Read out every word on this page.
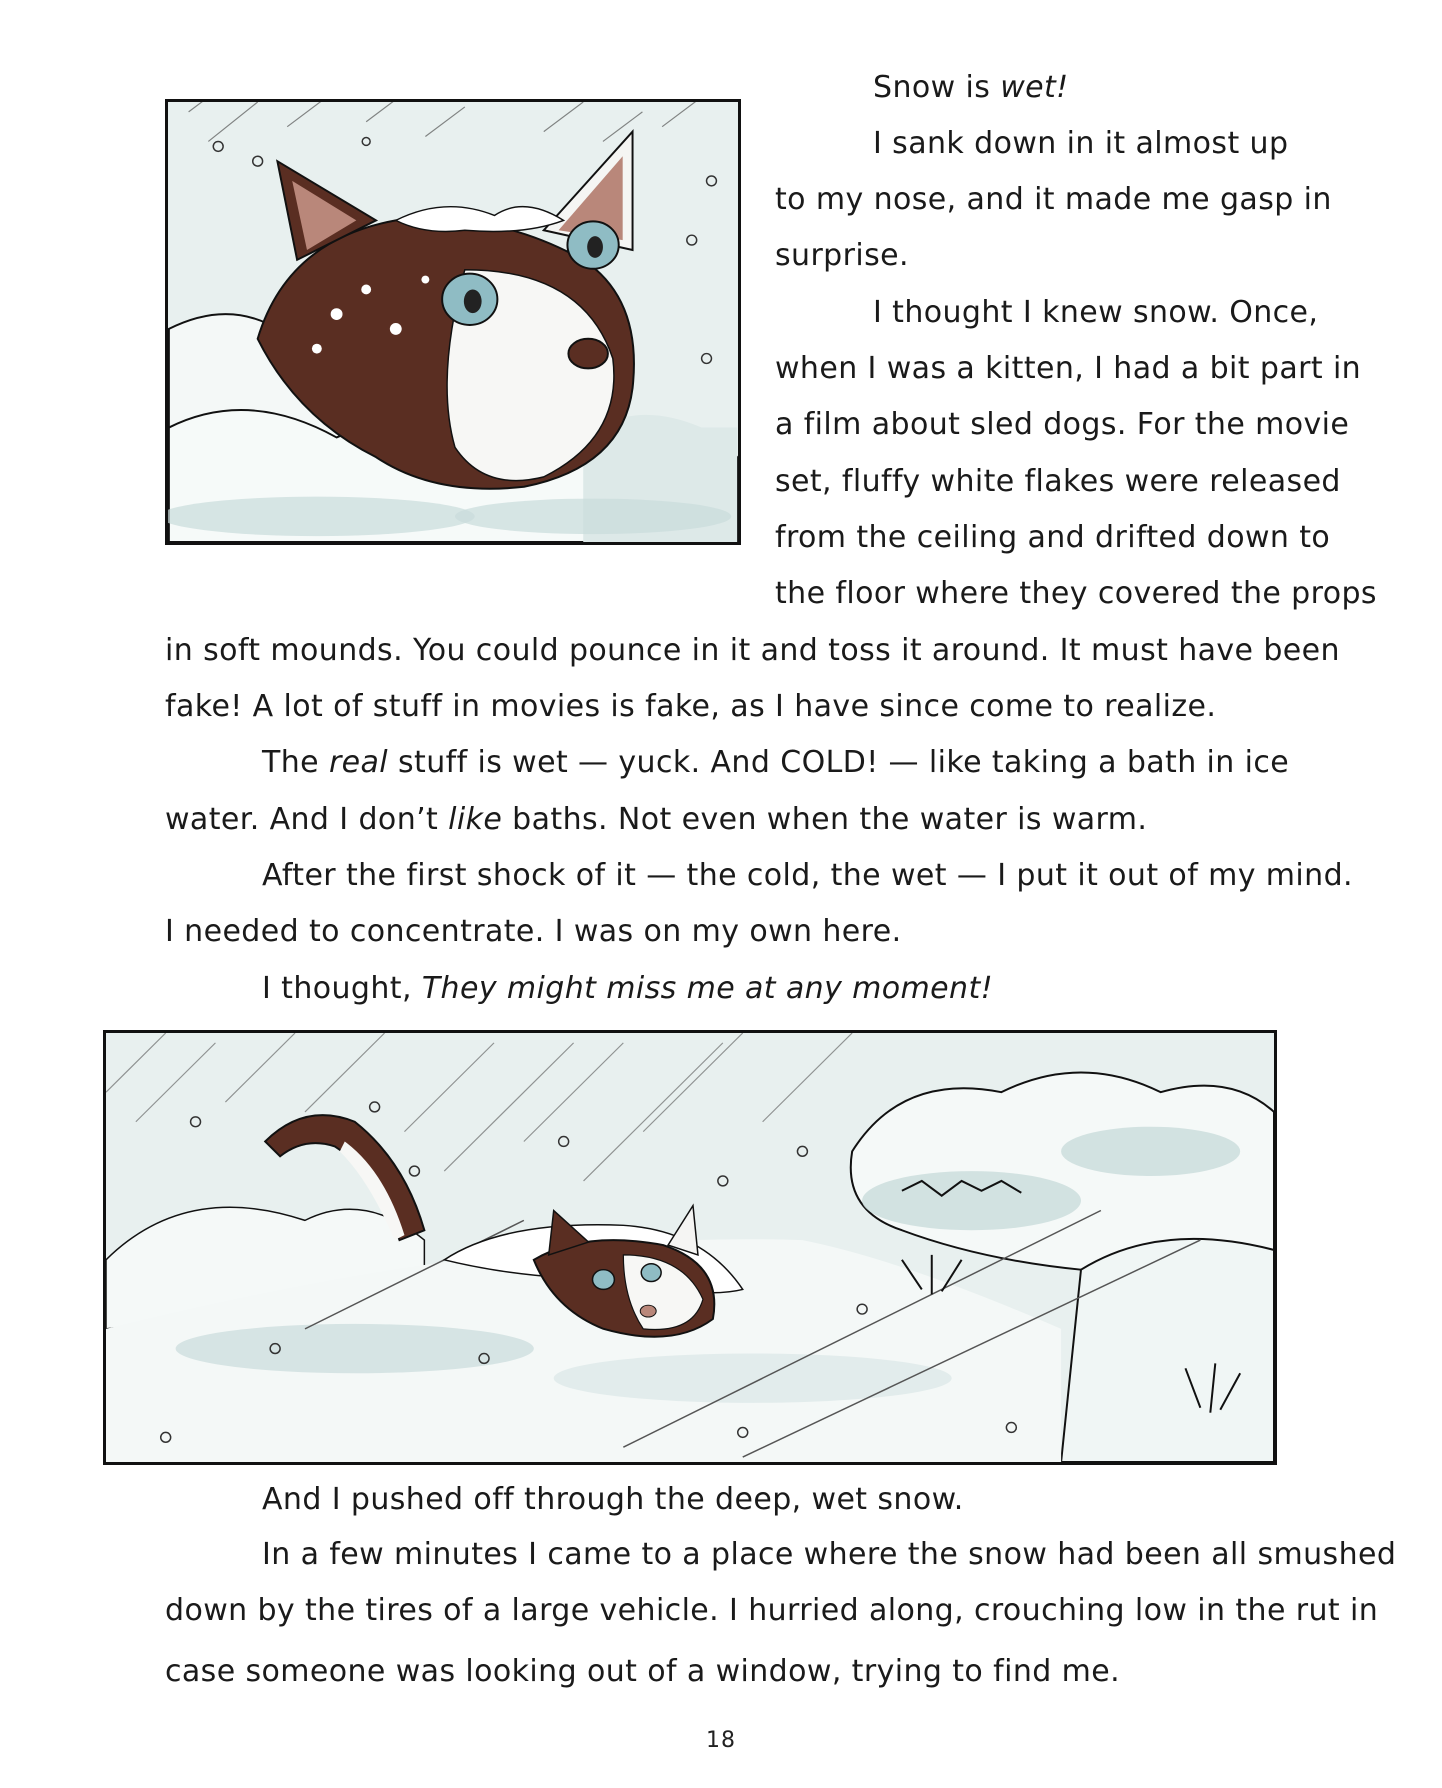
Snow is wet!
I sank down in it almost up
to my nose, and it made me gasp in
surprise.
I thought I knew snow. Once,
when I was a kitten, I had a bit part in
a film about sled dogs. For the movie
set, fluffy white flakes were released
from the ceiling and drifted down to
the floor where they covered the props
in soft mounds. You could pounce in it and toss it around. It must have been
fake! A lot of stuff in movies is fake, as I have since come to realize.
The real stuff is wet — yuck. And COLD! — like taking a bath in ice
water. And I don’t like baths. Not even when the water is warm.
After the first shock of it — the cold, the wet — I put it out of my mind.
I needed to concentrate. I was on my own here.
I thought, They might miss me at any moment!
And I pushed off through the deep, wet snow.
In a few minutes I came to a place where the snow had been all smushed
down by the tires of a large vehicle. I hurried along, crouching low in the rut in
case someone was looking out of a window, trying to find me.
18
